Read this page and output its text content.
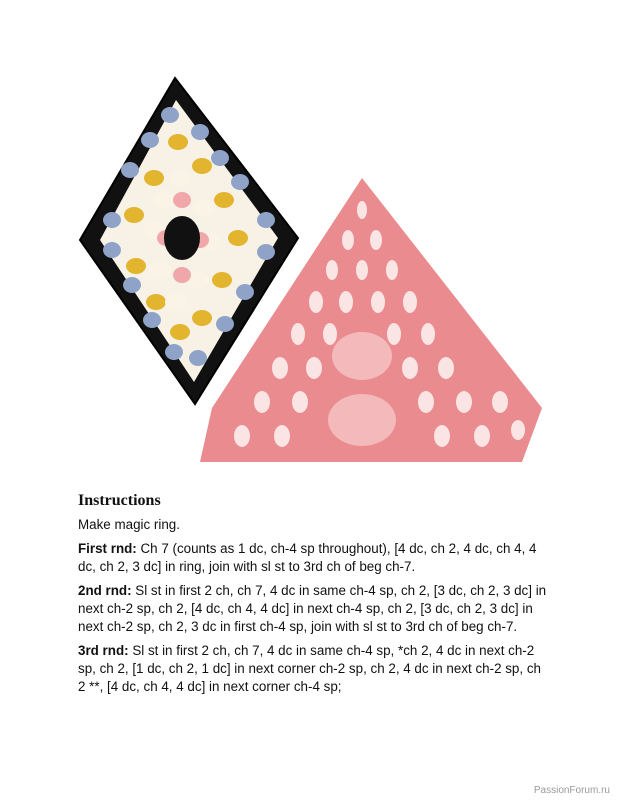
Instructions

Make magic ring.

First rnd: Ch 7 (counts as 1 dc, ch-4 sp throughout), [4 dc, ch 2, 4 dc, ch 4, 4 dc, ch 2, 3 dc] in ring, join with sl st to 3rd ch of beg ch-7.

2nd rnd: Sl st in first 2 ch, ch 7, 4 dc in same ch-4 sp, ch 2, [3 dc, ch 2, 3 dc] in next ch-2 sp, ch 2, [4 dc, ch 4, 4 dc] in next ch-4 sp, ch 2, [3 dc, ch 2, 3 dc] in next ch-2 sp, ch 2, 3 dc in first ch-4 sp, join with sl st to 3rd ch of beg ch-7.

3rd rnd: Sl st in first 2 ch, ch 7, 4 dc in same ch-4 sp, *ch 2, 4 dc in next ch-2 sp, ch 2, [1 dc, ch 2, 1 dc] in next corner ch-2 sp, ch 2, 4 dc in next ch-2 sp, ch 2 **, [4 dc, ch 4, 4 dc] in next corner ch-4 sp;

PassionForum.ru
